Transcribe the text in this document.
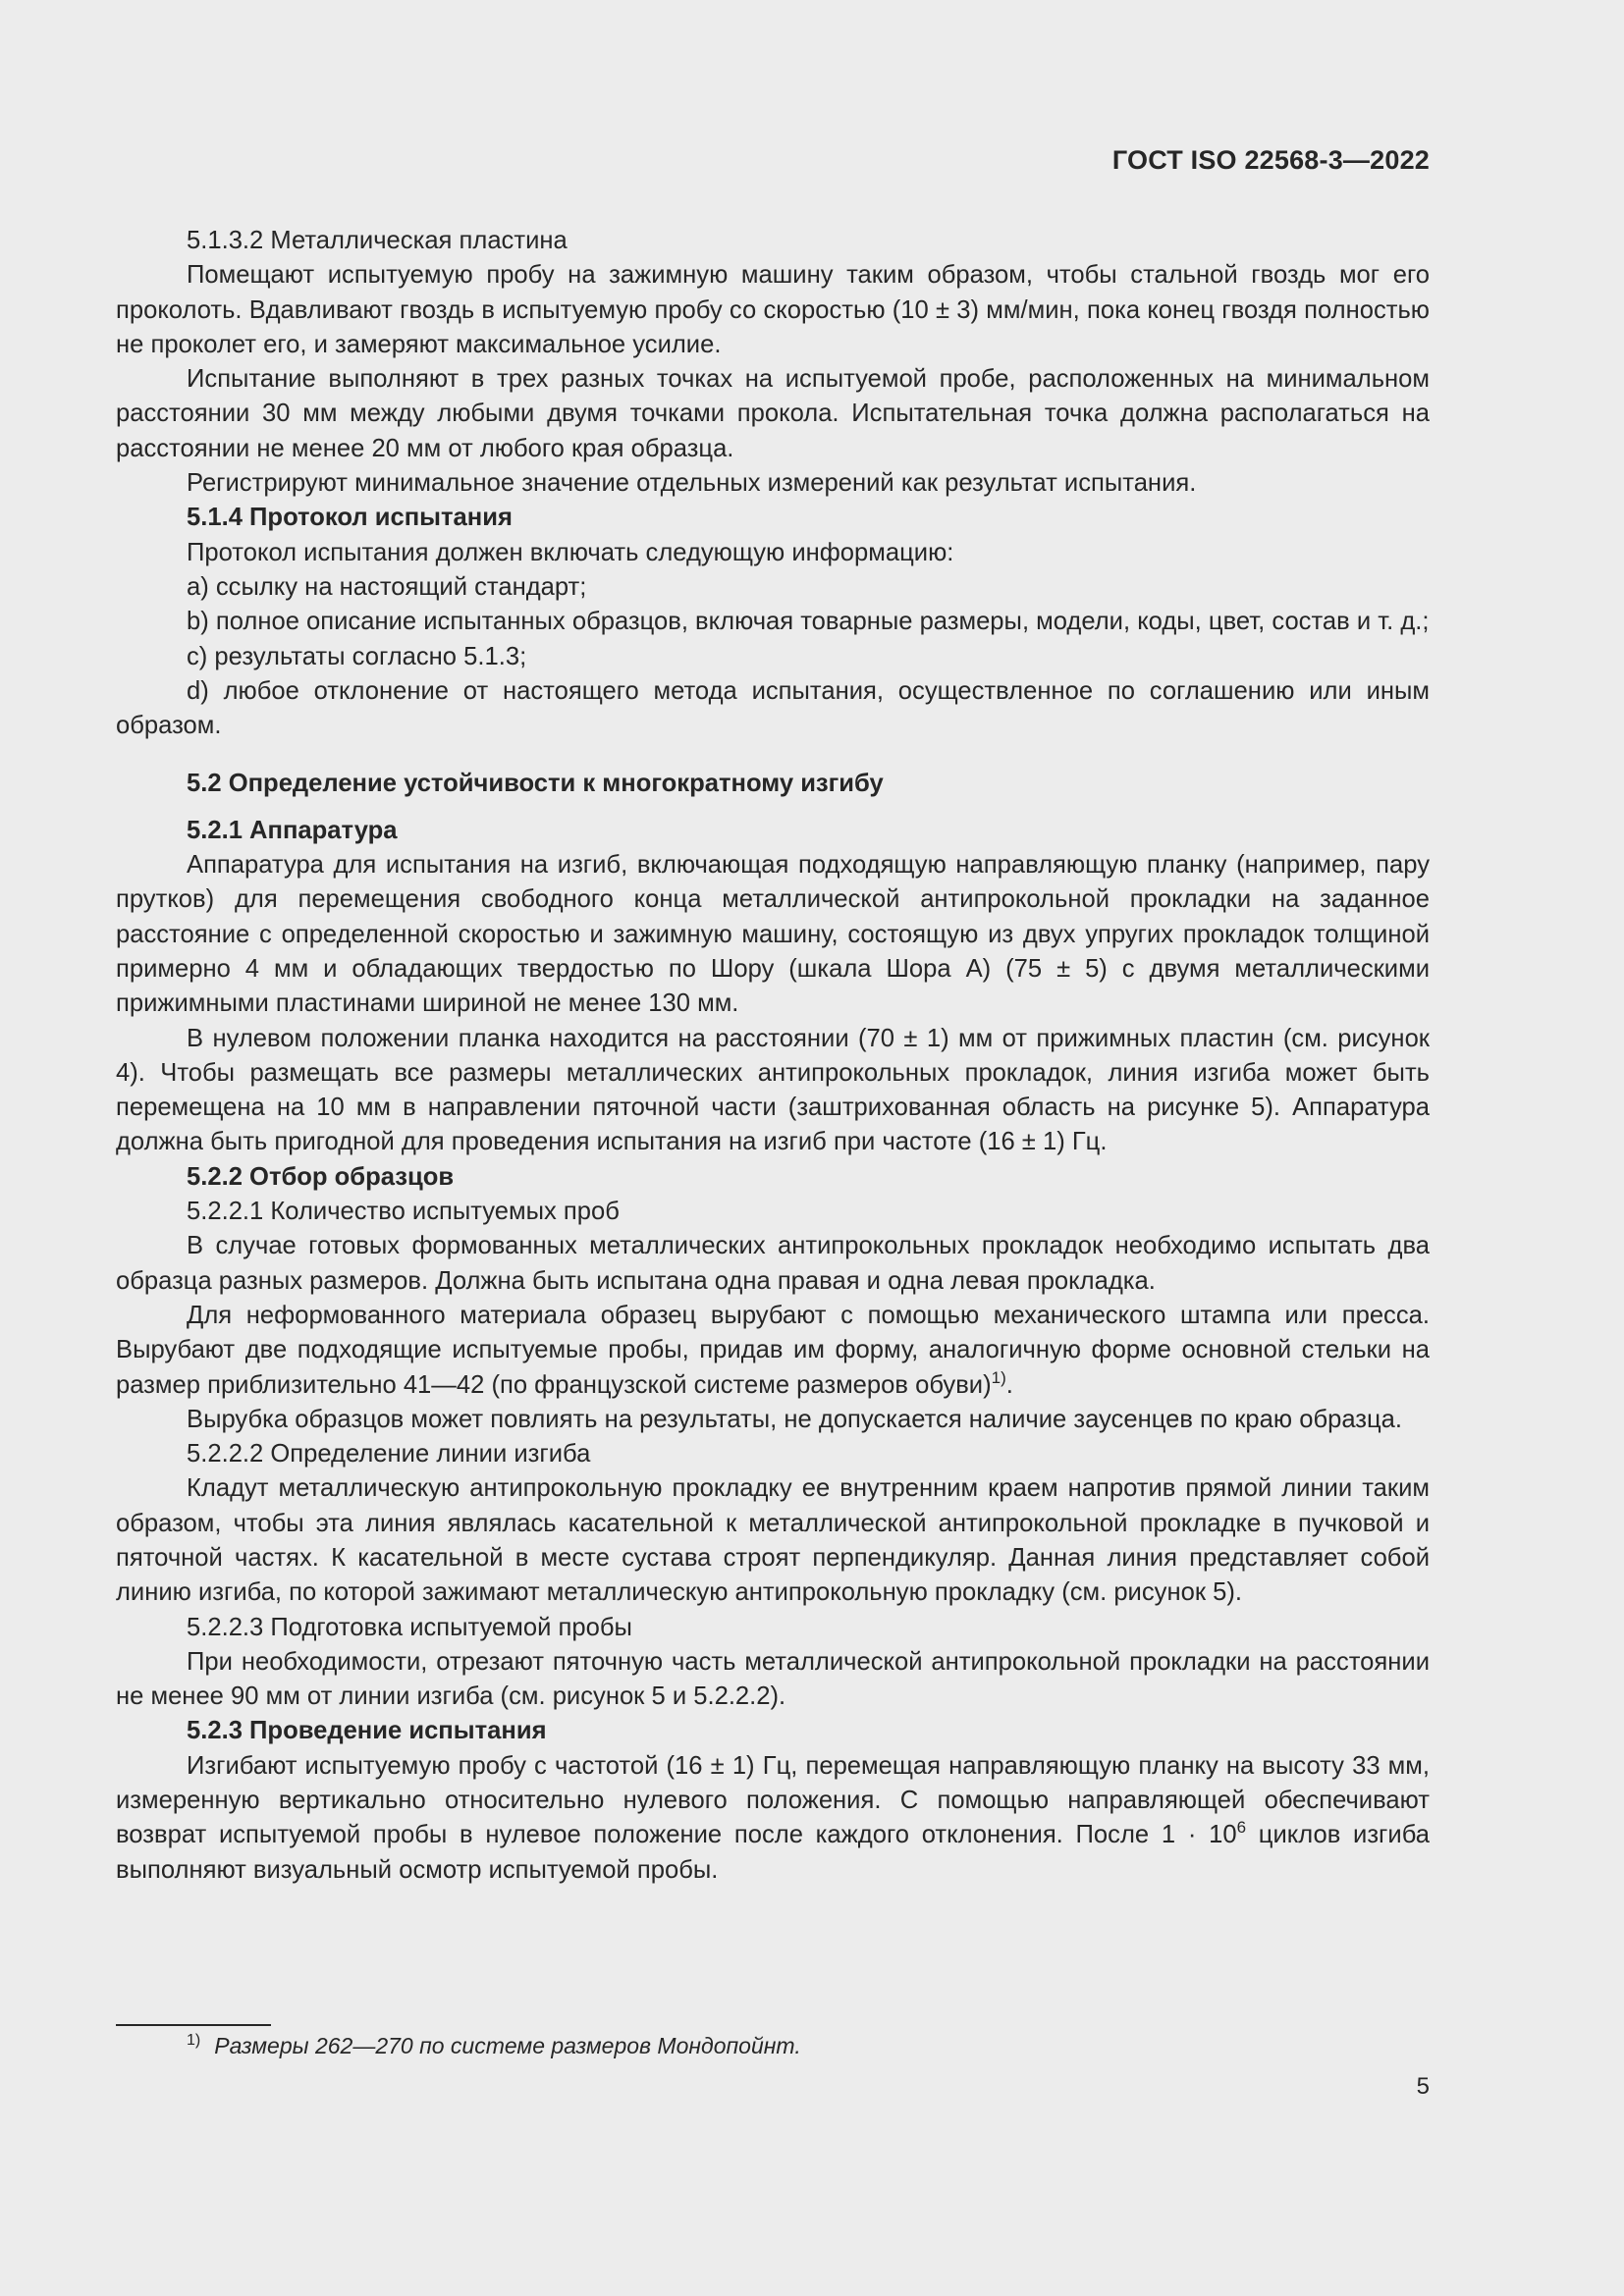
ГОСТ ISO 22568-3—2022

5.1.3.2 Металлическая пластина

Помещают испытуемую пробу на зажимную машину таким образом, чтобы стальной гвоздь мог его проколоть. Вдавливают гвоздь в испытуемую пробу со скоростью (10 ± 3) мм/мин, пока конец гвоздя полностью не проколет его, и замеряют максимальное усилие.

Испытание выполняют в трех разных точках на испытуемой пробе, расположенных на минимальном расстоянии 30 мм между любыми двумя точками прокола. Испытательная точка должна располагаться на расстоянии не менее 20 мм от любого края образца.

Регистрируют минимальное значение отдельных измерений как результат испытания.

5.1.4 Протокол испытания

Протокол испытания должен включать следующую информацию:

a) ссылку на настоящий стандарт;

b) полное описание испытанных образцов, включая товарные размеры, модели, коды, цвет, состав и т. д.;

c) результаты согласно 5.1.3;

d) любое отклонение от настоящего метода испытания, осуществленное по соглашению или иным образом.

5.2 Определение устойчивости к многократному изгибу

5.2.1 Аппаратура

Аппаратура для испытания на изгиб, включающая подходящую направляющую планку (например, пару прутков) для перемещения свободного конца металлической антипрокольной прокладки на заданное расстояние с определенной скоростью и зажимную машину, состоящую из двух упругих прокладок толщиной примерно 4 мм и обладающих твердостью по Шору (шкала Шора A) (75 ± 5) с двумя металлическими прижимными пластинами шириной не менее 130 мм.

В нулевом положении планка находится на расстоянии (70 ± 1) мм от прижимных пластин (см. рисунок 4). Чтобы размещать все размеры металлических антипрокольных прокладок, линия изгиба может быть перемещена на 10 мм в направлении пяточной части (заштрихованная область на рисунке 5). Аппаратура должна быть пригодной для проведения испытания на изгиб при частоте (16 ± 1) Гц.

5.2.2 Отбор образцов

5.2.2.1 Количество испытуемых проб

В случае готовых формованных металлических антипрокольных прокладок необходимо испытать два образца разных размеров. Должна быть испытана одна правая и одна левая прокладка.

Для неформованного материала образец вырубают с помощью механического штампа или пресса. Вырубают две подходящие испытуемые пробы, придав им форму, аналогичную форме основной стельки на размер приблизительно 41—42 (по французской системе размеров обуви)$^{1)}$.

Вырубка образцов может повлиять на результаты, не допускается наличие заусенцев по краю образца.

5.2.2.2 Определение линии изгиба

Кладут металлическую антипрокольную прокладку ее внутренним краем напротив прямой линии таким образом, чтобы эта линия являлась касательной к металлической антипрокольной прокладке в пучковой и пяточной частях. К касательной в месте сустава строят перпендикуляр. Данная линия представляет собой линию изгиба, по которой зажимают металлическую антипрокольную прокладку (см. рисунок 5).

5.2.2.3 Подготовка испытуемой пробы

При необходимости, отрезают пяточную часть металлической антипрокольной прокладки на расстоянии не менее 90 мм от линии изгиба (см. рисунок 5 и 5.2.2.2).

5.2.3 Проведение испытания

Изгибают испытуемую пробу с частотой (16 ± 1) Гц, перемещая направляющую планку на высоту 33 мм, измеренную вертикально относительно нулевого положения. С помощью направляющей обеспечивают возврат испытуемой пробы в нулевое положение после каждого отклонения. После $1 \cdot 10^6$ циклов изгиба выполняют визуальный осмотр испытуемой пробы.

$^{1)}$ Размеры 262—270 по системе размеров Мондопойнт.
5
